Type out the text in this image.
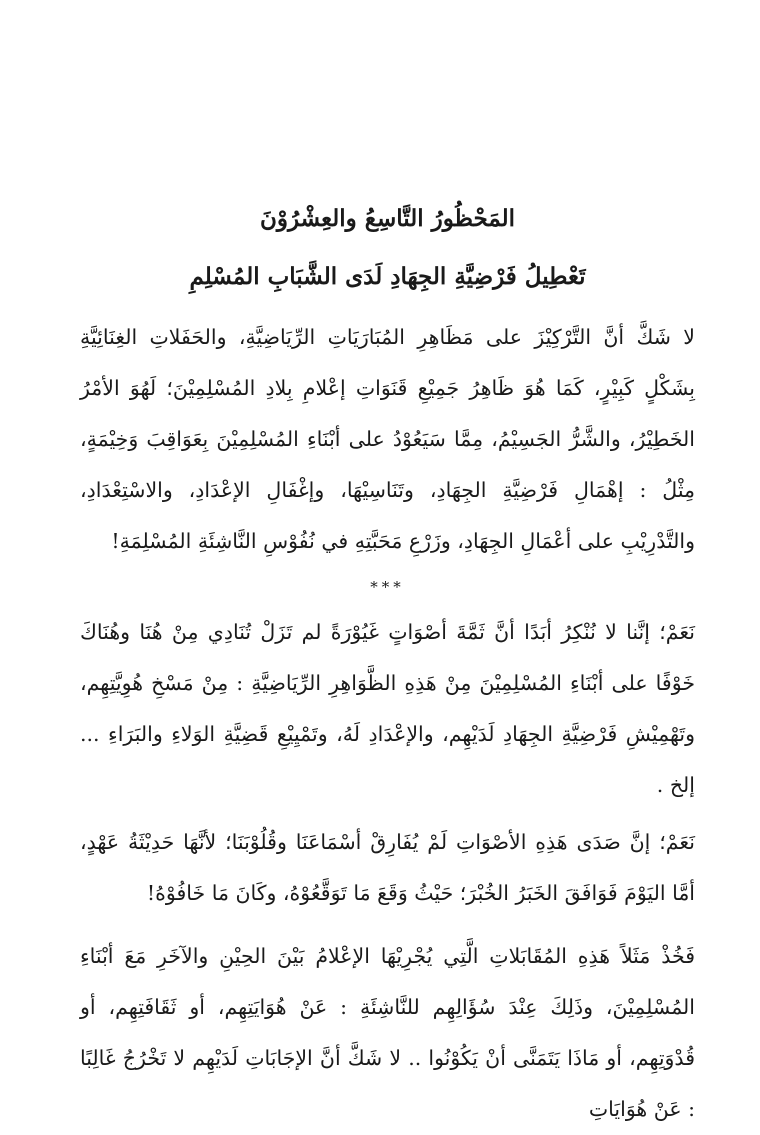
المَحْظُورُ التَّاسِعُ والعِشْرُوْنَ
تَعْطِيلُ فَرْضِيَّةِ الجِهَادِ لَدَى الشَّبَابِ المُسْلِمِ

لا شَكَّ أنَّ التَّرْكِيْزَ على مَظَاهِرِ المُبَارَيَاتِ الرِّيَاضِيَّةِ، والحَفَلاتِ الغِنَائِيَّةِ بِشَكْلٍ كَبِيْرٍ، كَمَا هُوَ ظَاهِرُ جَمِيْعِ قَنَوَاتِ إعْلامِ بِلادِ المُسْلِمِيْنَ؛ لَهُوَ الأمْرُ الخَطِيْرُ، والشَّرُّ الجَسِيْمُ، مِمَّا سَيَعُوْدُ على أبْنَاءِ المُسْلِمِيْنَ بِعَوَاقِبَ وَخِيْمَةٍ، مِثْلُ : إهْمَالِ فَرْضِيَّةِ الجِهَادِ، وتَنَاسِيْهَا، وإغْفَالِ الإعْدَادِ، والاسْتِعْدَادِ، والتَّدْرِيْبِ على أعْمَالِ الجِهَادِ، وزَرْعِ مَحَبَّتِهِ في نُفُوْسِ النَّاشِئَةِ المُسْلِمَةِ!

***

نَعَمْ؛ إنَّنا لا نُنْكِرُ أبَدًا أنَّ ثَمَّةَ أصْوَاتٍ غَيُوْرَةً لم تَزَلْ تُنَادِي مِنْ هُنَا وهُنَاكَ خَوْفًا على أبْنَاءِ المُسْلِمِيْنَ مِنْ هَذِهِ الظَّوَاهِرِ الرِّيَاضِيَّةِ : مِنْ مَسْخِ هُوِيَّتِهِم، وتَهْمِيْشِ فَرْضِيَّةِ الجِهَادِ لَدَيْهِم، والإعْدَادِ لَهُ، وتَمْيِيْعِ قَضِيَّةِ الوَلاءِ والبَرَاءِ ... إلخ .

نَعَمْ؛ إنَّ صَدَى هَذِهِ الأصْوَاتِ لَمْ يُفَارِقْ أسْمَاعَنَا وقُلُوْبَنَا؛ لأنَّهَا حَدِيْثَةُ عَهْدٍ، أمَّا اليَوْمَ فَوَافَقَ الخَبَرُ الخُبْرَ؛ حَيْثُ وَقَعَ مَا تَوَقَّعُوْهُ، وكَانَ مَا خَافُوْهُ!

فَخُذْ مَثَلاً هَذِهِ المُقَابَلاتِ الَّتِي يُجْرِيْهَا الإعْلامُ بَيْنَ الحِيْنِ والآخَرِ مَعَ أبْنَاءِ المُسْلِمِيْنَ، وذَلِكَ عِنْدَ سُؤَالِهِم للنَّاشِئَةِ : عَنْ هُوَايَتِهِم، أو ثَقَافَتِهِم، أو قُدْوَتِهِم، أو مَاذَا يَتَمَنَّى أنْ يَكُوْنُوا .. لا شَكَّ أنَّ الإجَابَاتِ لَدَيْهِم لا تَخْرُجُ غَالِبًا : عَنْ هُوَايَاتِ
